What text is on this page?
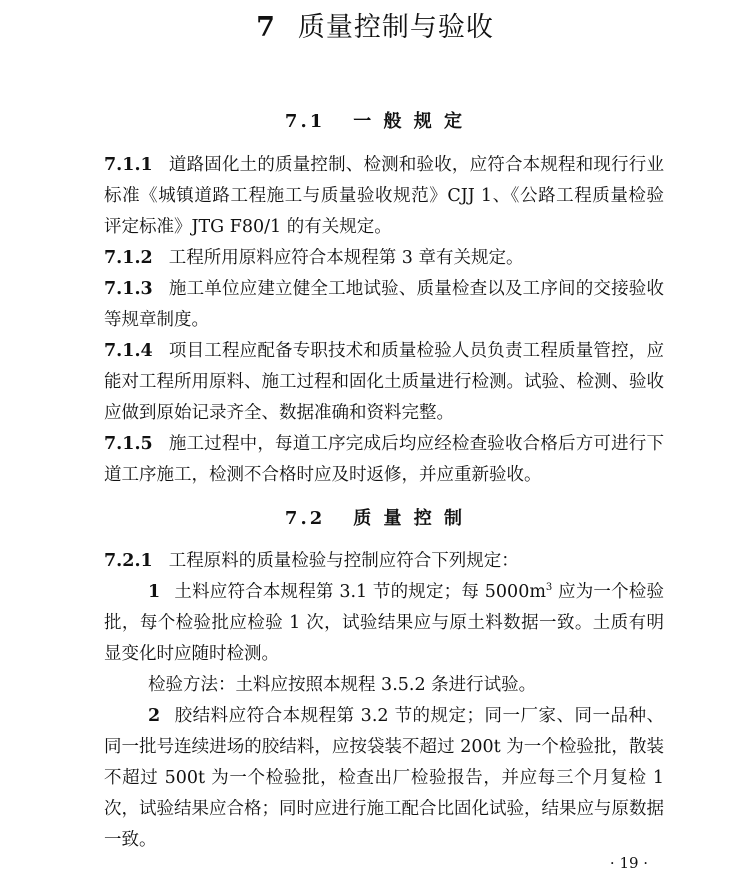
7 质量控制与验收
7.1 一 般 规 定

7.1.1 道路固化土的质量控制、检测和验收，应符合本规程和现行行业标准《城镇道路工程施工与质量验收规范》CJJ 1、《公路工程质量检验评定标准》JTG F80/1 的有关规定。

7.1.2 工程所用原料应符合本规程第 3 章有关规定。

7.1.3 施工单位应建立健全工地试验、质量检查以及工序间的交接验收等规章制度。

7.1.4 项目工程应配备专职技术和质量检验人员负责工程质量管控，应能对工程所用原料、施工过程和固化土质量进行检测。试验、检测、验收应做到原始记录齐全、数据准确和资料完整。

7.1.5 施工过程中，每道工序完成后均应经检查验收合格后方可进行下道工序施工，检测不合格时应及时返修，并应重新验收。

7.2 质 量 控 制

7.2.1 工程原料的质量检验与控制应符合下列规定：

1 土料应符合本规程第 3.1 节的规定；每 $5000m^3$ 应为一个检验批，每个检验批应检验 1 次，试验结果应与原土料数据一致。土质有明显变化时应随时检测。

检验方法：土料应按照本规程 3.5.2 条进行试验。

2 胶结料应符合本规程第 3.2 节的规定；同一厂家、同一品种、同一批号连续进场的胶结料，应按袋装不超过 200t 为一个检验批，散装不超过 500t 为一个检验批，检查出厂检验报告，并应每三个月复检 1 次，试验结果应合格；同时应进行施工配合比固化试验，结果应与原数据一致。

· 19 ·
